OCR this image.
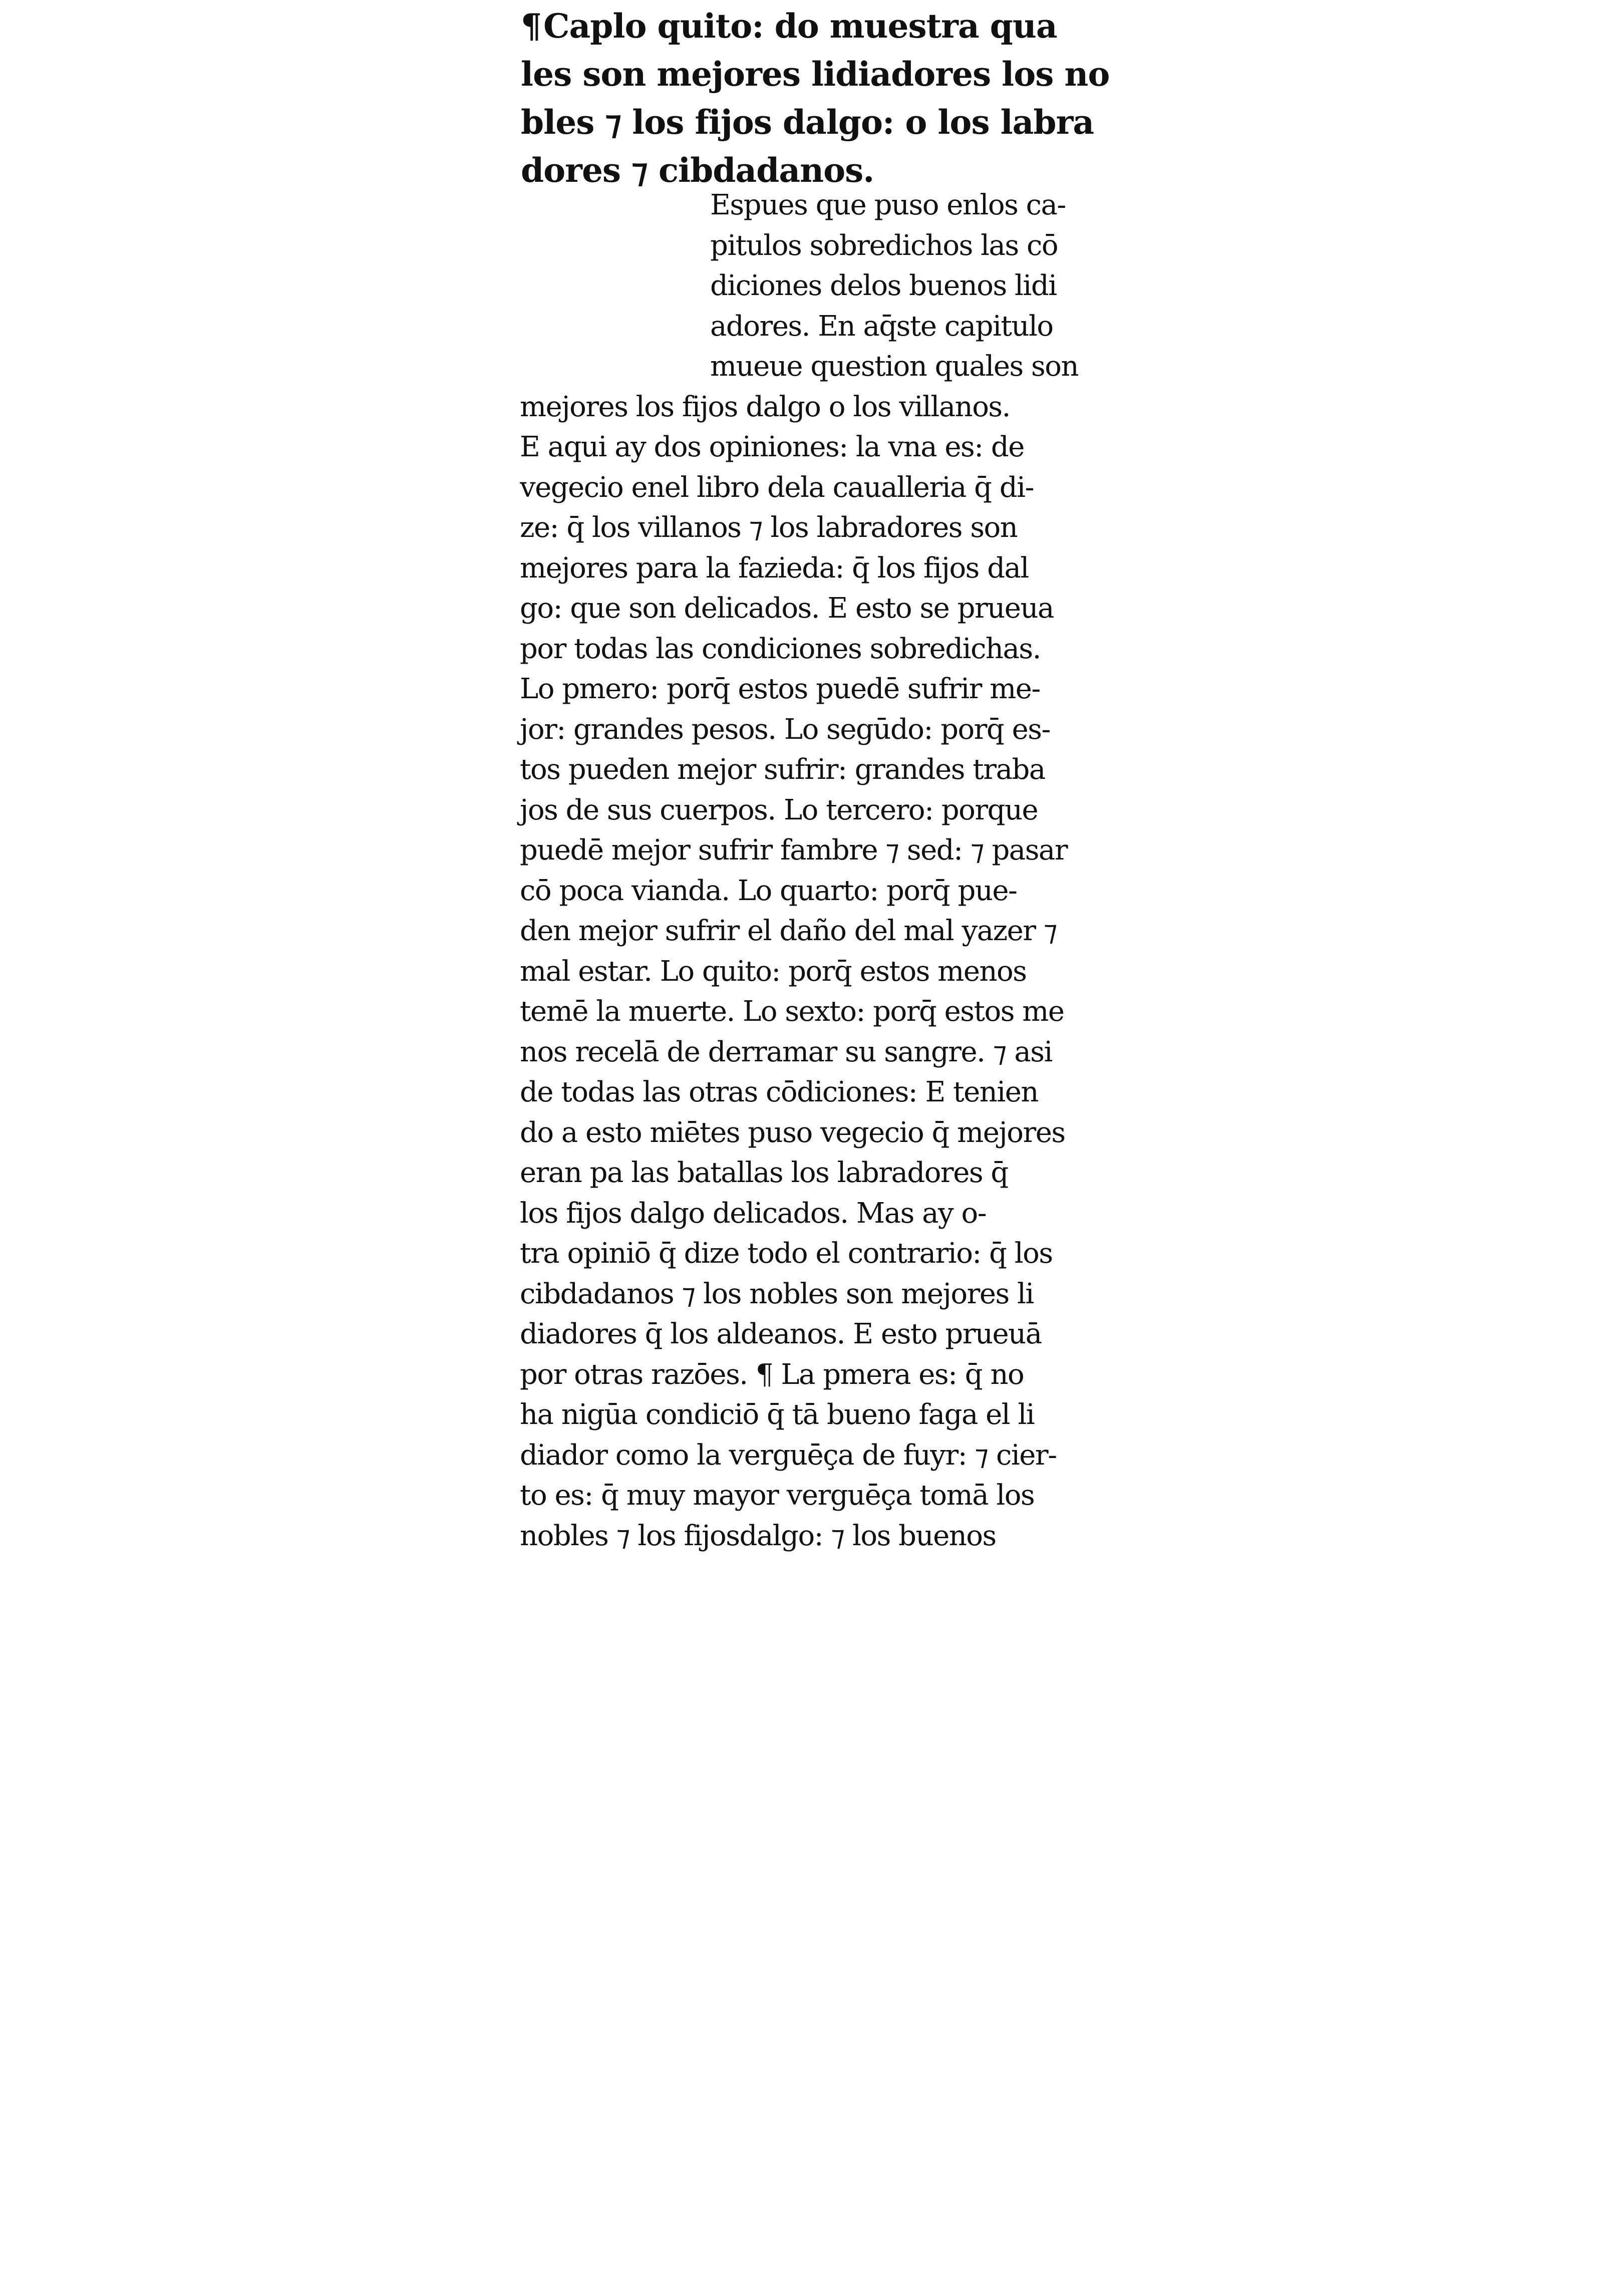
¶Caplo quito: do muestra qua
les son mejores lidiadores los no
bles ⁊ los fijos dalgo: o los labra
dores ⁊ cibdadanos.
Espues que puso enlos ca-
pitulos sobredichos las cō
diciones delos buenos lidi
adores. En aq̄ste capitulo
mueue question quales son
mejores los fijos dalgo o los villanos.
E aqui ay dos opiniones: la vna es: de
vegecio enel libro dela caualleria q̄ di-
ze: q̄ los villanos ⁊ los labradores son
mejores para la fazieda: q̄ los fijos dal
go: que son delicados. E esto se prueua
por todas las condiciones sobredichas.
Lo pmero: porq̄ estos puedē sufrir me-
jor: grandes pesos. Lo segūdo: porq̄ es-
tos pueden mejor sufrir: grandes traba
jos de sus cuerpos. Lo tercero: porque
puedē mejor sufrir fambre ⁊ sed: ⁊ pasar
cō poca vianda. Lo quarto: porq̄ pue-
den mejor sufrir el daño del mal yazer ⁊
mal estar. Lo quito: porq̄ estos menos
temē la muerte. Lo sexto: porq̄ estos me
nos recelā de derramar su sangre. ⁊ asi
de todas las otras cōdiciones: E tenien
do a esto miētes puso vegecio q̄ mejores
eran pa las batallas los labradores q̄
los fijos dalgo delicados. Mas ay o-
tra opiniō q̄ dize todo el contrario: q̄ los
cibdadanos ⁊ los nobles son mejores li
diadores q̄ los aldeanos. E esto prueuā
por otras razōes. ¶ La pmera es: q̄ no
ha nigūa condiciō q̄ tā bueno faga el li
diador como la verguēça de fuyr: ⁊ cier-
to es: q̄ muy mayor verguēça tomā los
nobles ⁊ los fijosdalgo: ⁊ los buenos
